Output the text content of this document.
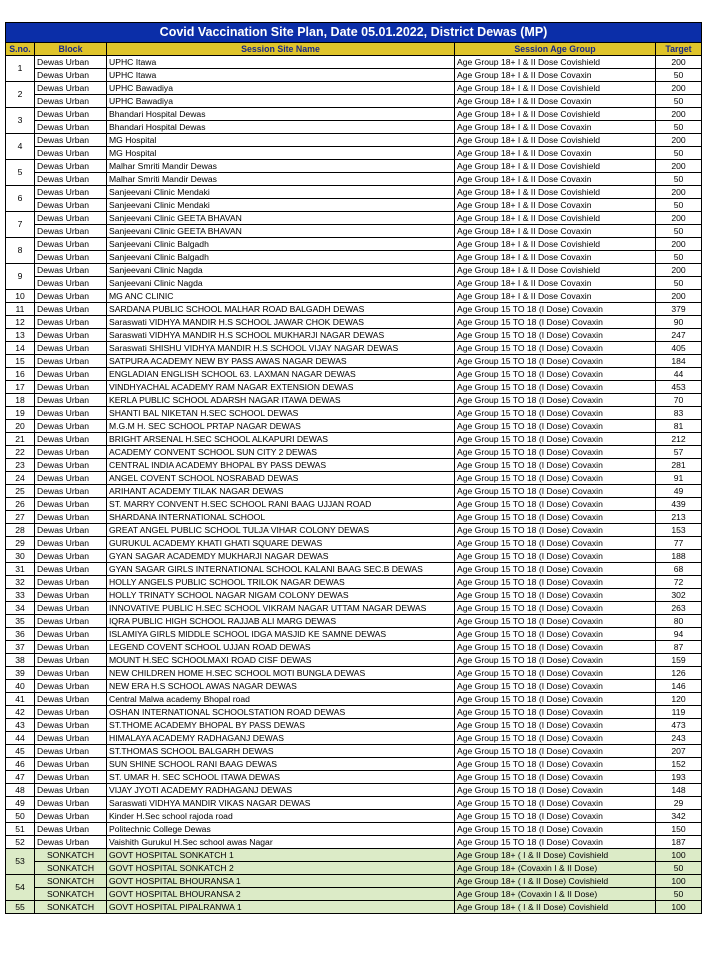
Covid Vaccination Site Plan, Date 05.01.2022, District Dewas (MP)				
S.no.	Block	Session Site Name	Session Age Group	Target
1	Dewas Urban	UPHC Itawa	Age Group 18+ I & II Dose Covishield	200
	Dewas Urban	UPHC Itawa	Age Group 18+ I & II Dose Covaxin	50
2	Dewas Urban	UPHC Bawadiya	Age Group 18+ I & II Dose Covishield	200
	Dewas Urban	UPHC Bawadiya	Age Group 18+ I & II Dose Covaxin	50
3	Dewas Urban	Bhandari Hospital Dewas	Age Group 18+ I & II Dose Covishield	200
	Dewas Urban	Bhandari Hospital Dewas	Age Group 18+ I & II Dose Covaxin	50
4	Dewas Urban	MG Hospital	Age Group 18+ I & II Dose Covishield	200
	Dewas Urban	MG Hospital	Age Group 18+ I & II Dose Covaxin	50
5	Dewas Urban	Malhar Smriti Mandir Dewas	Age Group 18+ I & II Dose Covishield	200
	Dewas Urban	Malhar Smriti Mandir Dewas	Age Group 18+ I & II Dose Covaxin	50
6	Dewas Urban	Sanjeevani Clinic Mendaki	Age Group 18+ I & II Dose Covishield	200
	Dewas Urban	Sanjeevani Clinic Mendaki	Age Group 18+ I & II Dose Covaxin	50
7	Dewas Urban	Sanjeevani Clinic GEETA BHAVAN	Age Group 18+ I & II Dose Covishield	200
	Dewas Urban	Sanjeevani Clinic GEETA BHAVAN	Age Group 18+ I & II Dose Covaxin	50
8	Dewas Urban	Sanjeevani Clinic Balgadh	Age Group 18+ I & II Dose Covishield	200
	Dewas Urban	Sanjeevani Clinic Balgadh	Age Group 18+ I & II Dose Covaxin	50
9	Dewas Urban	Sanjeevani Clinic Nagda	Age Group 18+ I & II Dose Covishield	200
	Dewas Urban	Sanjeevani Clinic Nagda	Age Group 18+ I & II Dose Covaxin	50
10	Dewas Urban	MG ANC CLINIC	Age Group 18+ I & II Dose Covaxin	200
11	Dewas Urban	SARDANA PUBLIC SCHOOL MALHAR ROAD BALGADH DEWAS	Age Group 15 TO 18 (I Dose) Covaxin	379
12	Dewas Urban	Saraswati VIDHYA MANDIR H.S SCHOOL JAWAR CHOK DEWAS	Age Group 15 TO 18 (I Dose) Covaxin	90
13	Dewas Urban	Saraswati VIDHYA MANDIR H.S SCHOOL MUKHARJI NAGAR DEWAS	Age Group 15 TO 18 (I Dose) Covaxin	247
14	Dewas Urban	Saraswati SHISHU VIDHYA MANDIR H.S SCHOOL VIJAY NAGAR DEWAS	Age Group 15 TO 18 (I Dose) Covaxin	405
15	Dewas Urban	SATPURA ACADEMY NEW BY PASS AWAS NAGAR DEWAS	Age Group 15 TO 18 (I Dose) Covaxin	184
16	Dewas Urban	ENGLADIAN ENGLISH SCHOOL 63. LAXMAN NAGAR DEWAS	Age Group 15 TO 18 (I Dose) Covaxin	44
17	Dewas Urban	VINDHYACHAL ACADEMY RAM NAGAR EXTENSION DEWAS	Age Group 15 TO 18 (I Dose) Covaxin	453
18	Dewas Urban	KERLA PUBLIC SCHOOL ADARSH NAGAR ITAWA DEWAS	Age Group 15 TO 18 (I Dose) Covaxin	70
19	Dewas Urban	SHANTI BAL NIKETAN H.SEC SCHOOL DEWAS	Age Group 15 TO 18 (I Dose) Covaxin	83
20	Dewas Urban	M.G.M H. SEC SCHOOL PRTAP NAGAR DEWAS	Age Group 15 TO 18 (I Dose) Covaxin	81
21	Dewas Urban	BRIGHT ARSENAL H.SEC SCHOOL ALKAPURI DEWAS	Age Group 15 TO 18 (I Dose) Covaxin	212
22	Dewas Urban	ACADEMY CONVENT SCHOOL SUN CITY 2 DEWAS	Age Group 15 TO 18 (I Dose) Covaxin	57
23	Dewas Urban	CENTRAL INDIA ACADEMY BHOPAL BY PASS DEWAS	Age Group 15 TO 18 (I Dose) Covaxin	281
24	Dewas Urban	ANGEL COVENT SCHOOL NOSRABAD DEWAS	Age Group 15 TO 18 (I Dose) Covaxin	91
25	Dewas Urban	ARIHANT ACADEMY TILAK NAGAR DEWAS	Age Group 15 TO 18 (I Dose) Covaxin	49
26	Dewas Urban	ST. MARRY CONVENT H.SEC SCHOOL RANI BAAG UJJAN ROAD	Age Group 15 TO 18 (I Dose) Covaxin	439
27	Dewas Urban	SHARDANA INTERNATIONAL SCHOOL	Age Group 15 TO 18 (I Dose) Covaxin	213
28	Dewas Urban	GREAT ANGEL PUBLIC SCHOOL TULJA VIHAR COLONY DEWAS	Age Group 15 TO 18 (I Dose) Covaxin	153
29	Dewas Urban	GURUKUL ACADEMY KHATI GHATI SQUARE DEWAS	Age Group 15 TO 18 (I Dose) Covaxin	77
30	Dewas Urban	GYAN SAGAR ACADEMDY MUKHARJI NAGAR DEWAS	Age Group 15 TO 18 (I Dose) Covaxin	188
31	Dewas Urban	GYAN SAGAR GIRLS INTERNATIONAL SCHOOL KALANI BAAG SEC.B DEWAS	Age Group 15 TO 18 (I Dose) Covaxin	68
32	Dewas Urban	HOLLY ANGELS PUBLIC SCHOOL TRILOK NAGAR DEWAS	Age Group 15 TO 18 (I Dose) Covaxin	72
33	Dewas Urban	HOLLY TRINATY SCHOOL NAGAR NIGAM COLONY DEWAS	Age Group 15 TO 18 (I Dose) Covaxin	302
34	Dewas Urban	INNOVATIVE PUBLIC H.SEC SCHOOL VIKRAM NAGAR UTTAM NAGAR DEWAS	Age Group 15 TO 18 (I Dose) Covaxin	263
35	Dewas Urban	IQRA PUBLIC HIGH SCHOOL RAJJAB ALI MARG DEWAS	Age Group 15 TO 18 (I Dose) Covaxin	80
36	Dewas Urban	ISLAMIYA GIRLS MIDDLE SCHOOL IDGA MASJID KE SAMNE DEWAS	Age Group 15 TO 18 (I Dose) Covaxin	94
37	Dewas Urban	LEGEND COVENT SCHOOL UJJAN ROAD DEWAS	Age Group 15 TO 18 (I Dose) Covaxin	87
38	Dewas Urban	MOUNT H.SEC SCHOOLMAXI ROAD CISF DEWAS	Age Group 15 TO 18 (I Dose) Covaxin	159
39	Dewas Urban	NEW CHILDREN HOME H.SEC SCHOOL MOTI BUNGLA DEWAS	Age Group 15 TO 18 (I Dose) Covaxin	126
40	Dewas Urban	NEW ERA H.S SCHOOL AWAS NAGAR DEWAS	Age Group 15 TO 18 (I Dose) Covaxin	146
41	Dewas Urban	Central Malwa academy Bhopal road	Age Group 15 TO 18 (I Dose) Covaxin	120
42	Dewas Urban	OSHAN INTERNATIONAL SCHOOLSTATION ROAD DEWAS	Age Group 15 TO 18 (I Dose) Covaxin	119
43	Dewas Urban	ST.THOME ACADEMY BHOPAL BY PASS DEWAS	Age Group 15 TO 18 (I Dose) Covaxin	473
44	Dewas Urban	HIMALAYA ACADEMY RADHAGANJ DEWAS	Age Group 15 TO 18 (I Dose) Covaxin	243
45	Dewas Urban	ST.THOMAS SCHOOL BALGARH DEWAS	Age Group 15 TO 18 (I Dose) Covaxin	207
46	Dewas Urban	SUN SHINE SCHOOL RANI BAAG DEWAS	Age Group 15 TO 18 (I Dose) Covaxin	152
47	Dewas Urban	ST. UMAR H. SEC SCHOOL ITAWA DEWAS	Age Group 15 TO 18 (I Dose) Covaxin	193
48	Dewas Urban	VIJAY JYOTI ACADEMY RADHAGANJ DEWAS	Age Group 15 TO 18 (I Dose) Covaxin	148
49	Dewas Urban	Saraswati VIDHYA MANDIR VIKAS NAGAR DEWAS	Age Group 15 TO 18 (I Dose) Covaxin	29
50	Dewas Urban	Kinder H.Sec school rajoda road	Age Group 15 TO 18 (I Dose) Covaxin	342
51	Dewas Urban	Politechnic College Dewas	Age Group 15 TO 18 (I Dose) Covaxin	150
52	Dewas Urban	Vaishith Gurukul H.Sec school awas Nagar	Age Group 15 TO 18 (I Dose) Covaxin	187
53	SONKATCH	GOVT HOSPITAL SONKATCH 1	Age Group 18+ ( I & II Dose) Covishield	100
	SONKATCH	GOVT HOSPITAL SONKATCH 2	Age Group 18+ (Covaxin I & II Dose)	50
54	SONKATCH	GOVT HOSPITAL BHOURANSA 1	Age Group 18+ ( I & II Dose) Covishield	100
	SONKATCH	GOVT HOSPITAL BHOURANSA 2	Age Group 18+ (Covaxin I & II Dose)	50
55	SONKATCH	GOVT HOSPITAL PIPALRANWA 1	Age Group 18+ ( I & II Dose) Covishield	100
